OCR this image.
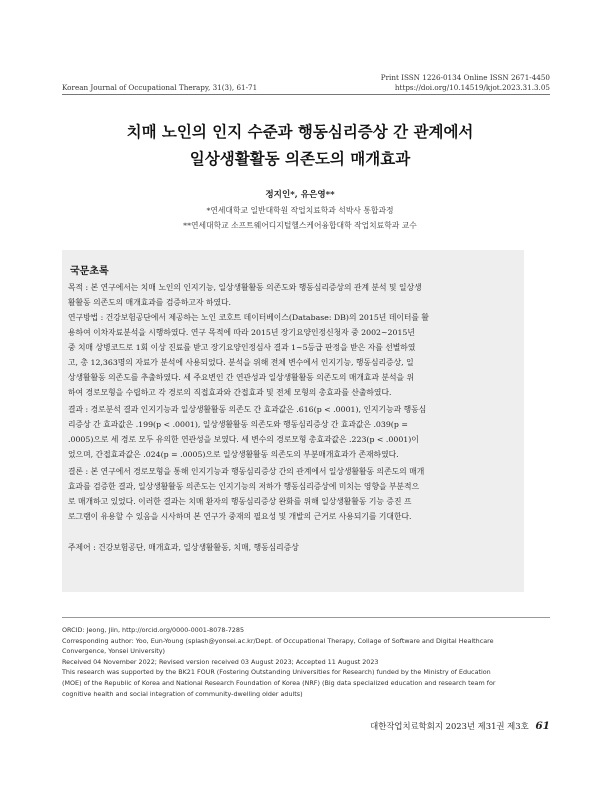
Korean Journal of Occupational Therapy, 31(3), 61-71
Print ISSN 1226-0134 Online ISSN 2671-4450
https://doi.org/10.14519/kjot.2023.31.3.05
치매 노인의 인지 수준과 행동심리증상 간 관계에서
일상생활활동 의존도의 매개효과
정지인*, 유은영**
*연세대학교 일반대학원 작업치료학과 석박사 통합과정
**연세대학교 소프트웨어디지털헬스케어융합대학 작업치료학과 교수
국문초록
목적 : 본 연구에서는 치매 노인의 인지기능, 일상생활활동 의존도와 행동심리증상의 관계 분석 및 일상생
활활동 의존도의 매개효과를 검증하고자 하였다.
연구방법 : 건강보험공단에서 제공하는 노인 코호트 데이터베이스(Database: DB)의 2015년 데이터를 활
용하여 이차자료분석을 시행하였다. 연구 목적에 따라 2015년 장기요양인정신청자 중 2002~2015년
중 치매 상병코드로 1회 이상 진료를 받고 장기요양인정심사 결과 1~5등급 판정을 받은 자를 선별하였
고, 총 12,363명의 자료가 분석에 사용되었다. 분석을 위해 전체 변수에서 인지기능, 행동심리증상, 일
상생활활동 의존도를 추출하였다. 세 주요변인 간 연관성과 일상생활활동 의존도의 매개효과 분석을 위
하여 경로모형을 수립하고 각 경로의 직접효과와 간접효과 및 전체 모형의 총효과를 산출하였다.
결과 : 경로분석 결과 인지기능과 일상생활활동 의존도 간 효과값은 .616(p < .0001), 인지기능과 행동심
리증상 간 효과값은 .199(p < .0001), 일상생활활동 의존도와 행동심리증상 간 효과값은 .039(p =
.0005)으로 세 경로 모두 유의한 연관성을 보였다. 세 변수의 경로모형 총효과값은 .223(p < .0001)이
었으며, 간접효과값은 .024(p = .0005)으로 일상생활활동 의존도의 부분매개효과가 존재하였다.
결론 : 본 연구에서 경로모형을 통해 인지기능과 행동심리증상 간의 관계에서 일상생활활동 의존도의 매개
효과를 검증한 결과, 일상생활활동 의존도는 인지기능의 저하가 행동심리증상에 미치는 영향을 부분적으
로 매개하고 있었다. 이러한 결과는 치매 환자의 행동심리증상 완화를 위해 일상생활활동 기능 증진 프
로그램이 유용할 수 있음을 시사하며 본 연구가 중재의 필요성 및 개발의 근거로 사용되기를 기대한다.
주제어 : 건강보험공단, 매개효과, 일상생활활동, 치매, 행동심리증상
ORCID: Jeong, Jiin, http://orcid.org/0000-0001-8078-7285
Corresponding author: Yoo, Eun-Young (splash@yonsei.ac.kr/Dept. of Occupational Therapy, Collage of Software and Digital Healthcare
Convergence, Yonsei University)
Received 04 November 2022; Revised version received 03 August 2023; Accepted 11 August 2023
This research was supported by the BK21 FOUR (Fostering Outstanding Universities for Research) funded by the Ministry of Education
(MOE) of the Republic of Korea and National Research Foundation of Korea (NRF) (Big data specialized education and research team for
cognitive health and social integration of community-dwelling older adults)
대한작업치료학회지 2023년 제31권 제3호 61
